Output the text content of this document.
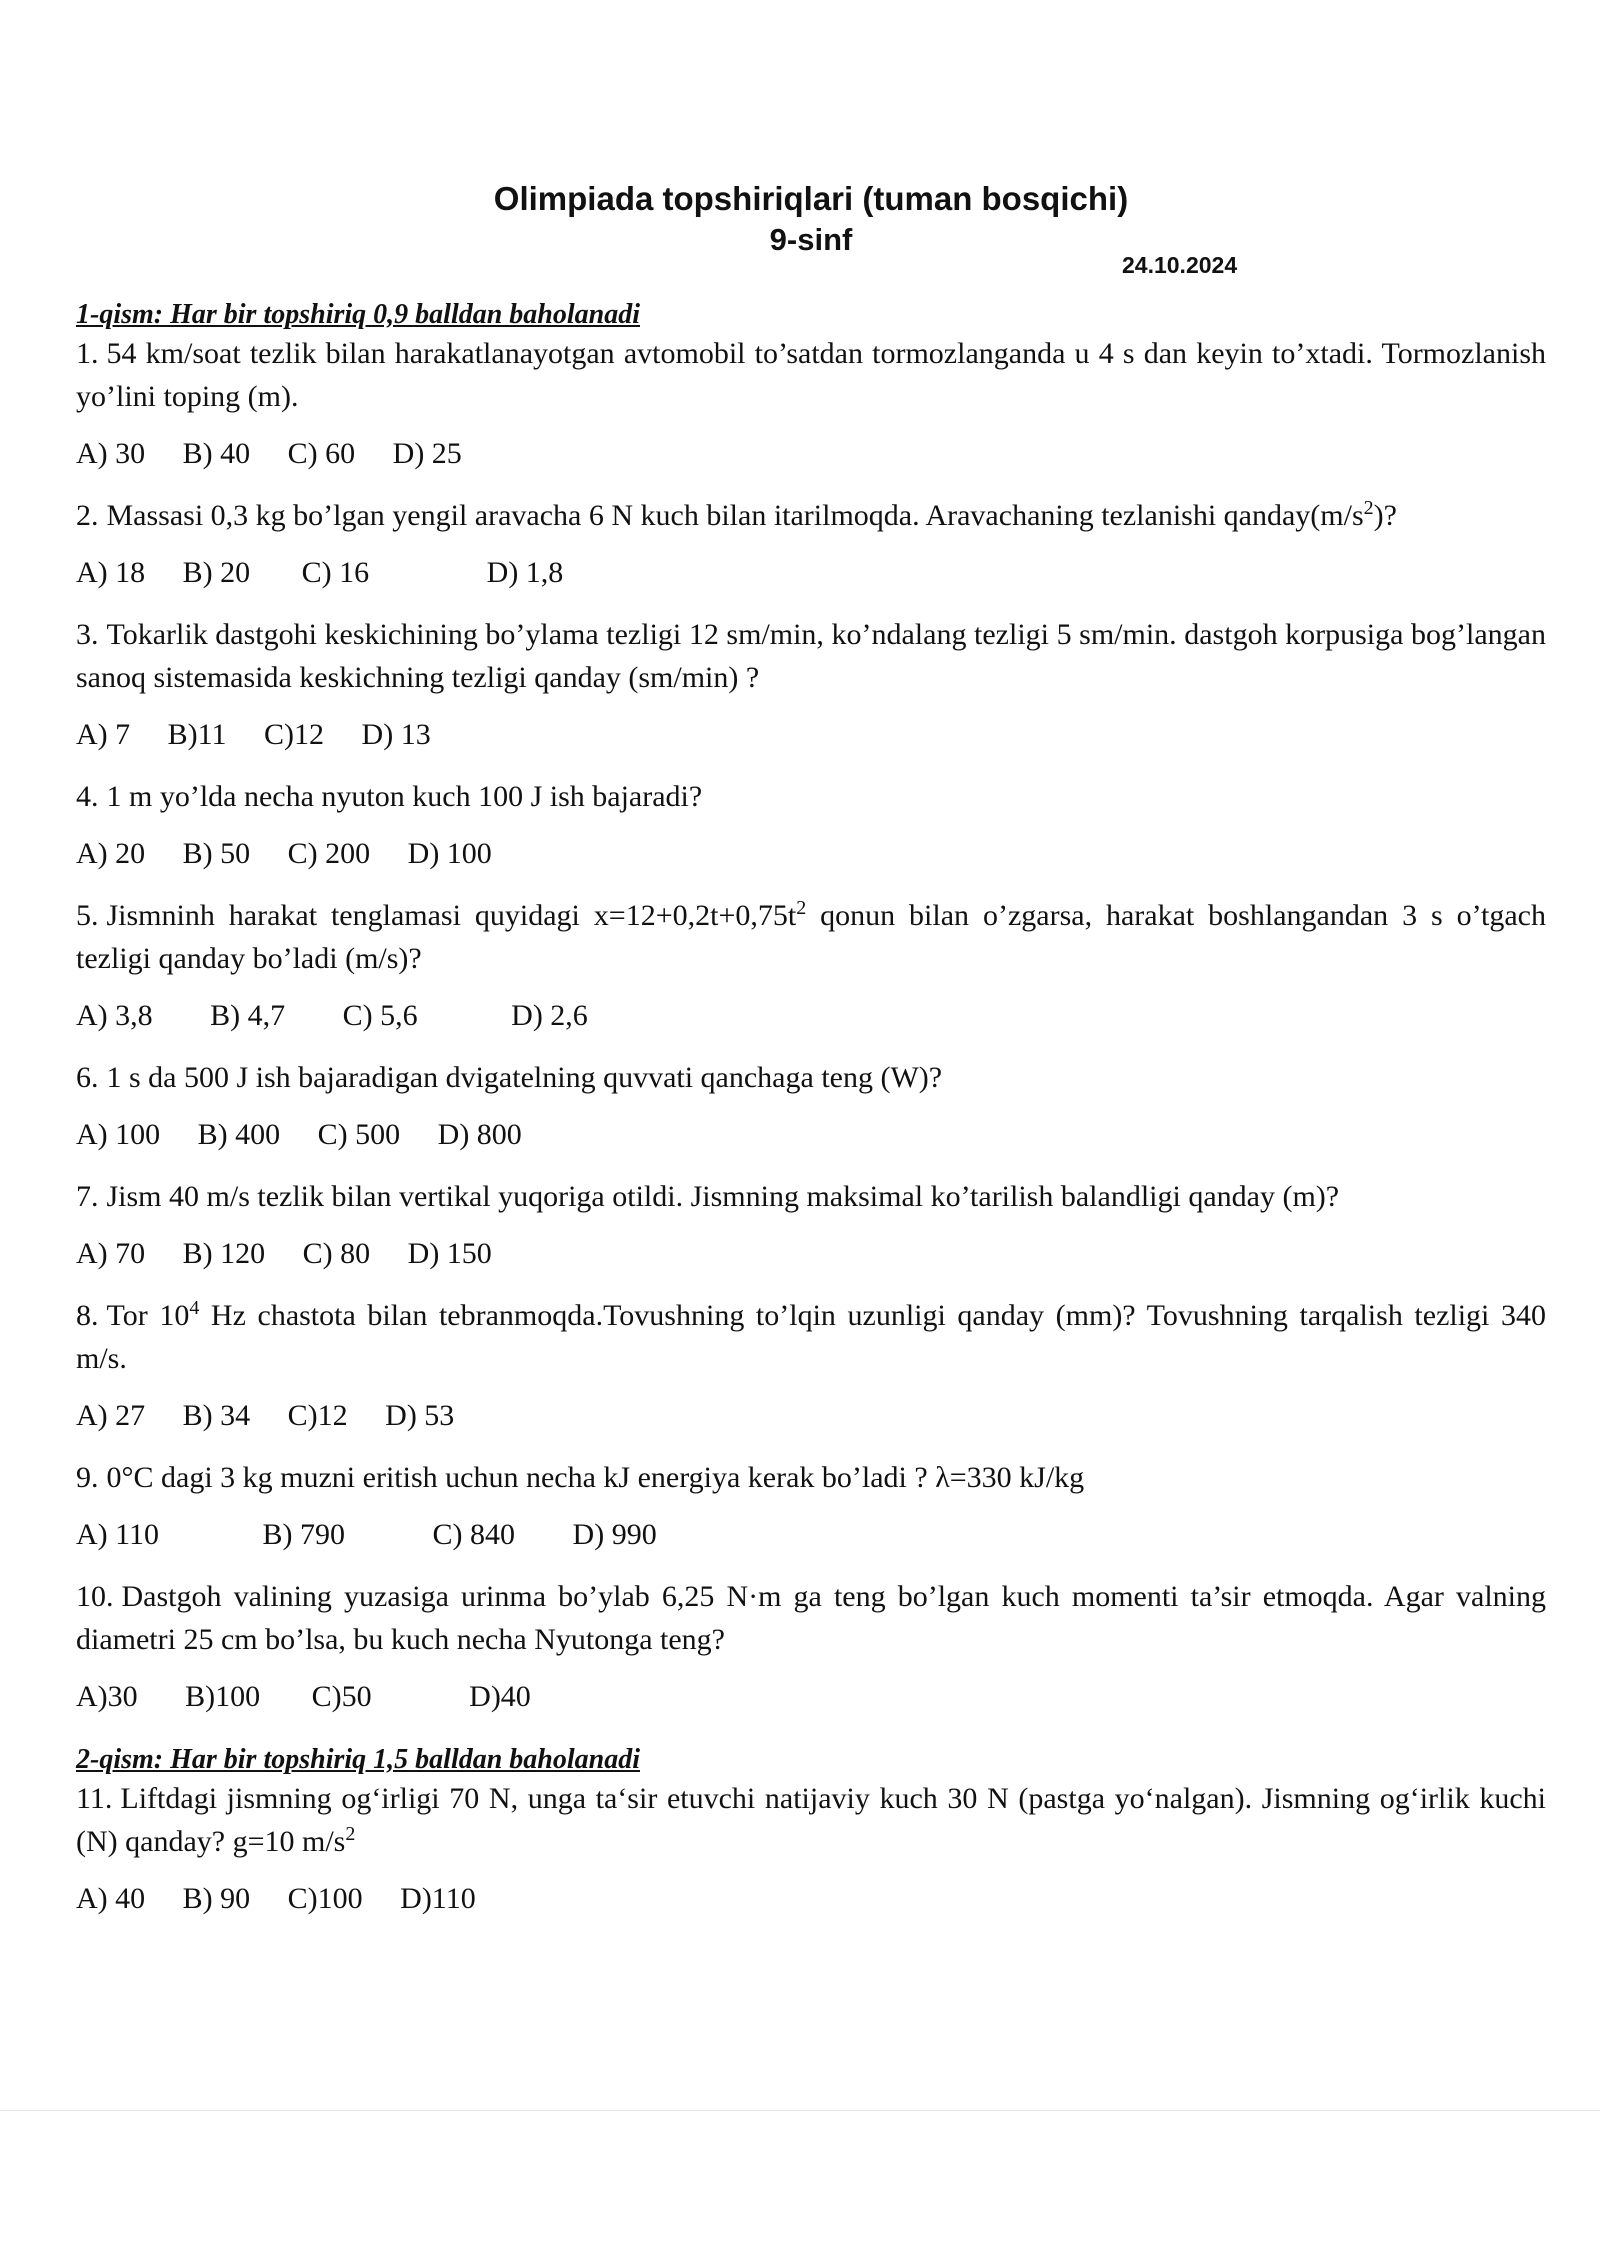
Olimpiada topshiriqlari (tuman bosqichi)
9-sinf
24.10.2024

1-qism: Har bir topshiriq 0,9 balldan baholanadi

1. 54 km/soat tezlik bilan harakatlanayotgan avtomobil to’satdan tormozlanganda u 4 s dan keyin to’xtadi. Tormozlanish yo’lini toping (m).

A) 30 B) 40 C) 60 D) 25

2. Massasi 0,3 kg bo’lgan yengil aravacha 6 N kuch bilan itarilmoqda. Aravachaning tezlanishi $qanday(m/s^2)$?

A) 18 B) 20 C) 16	D) 1,8

3. Tokarlik dastgohi keskichining bo’ylama tezligi 12 sm/min, ko’ndalang tezligi 5 sm/min. dastgoh korpusiga bog’langan sanoq sistemasida keskichning tezligi qanday (sm/min) ?

A) 7 B)11 C)12 D) 13

4. 1 m yo’lda necha nyuton kuch 100 J ish bajaradi?

A) 20 B) 50 C) 200 D) 100

5. Jismninh harakat tenglamasi quyidagi $x=12+0,2t+0,75t^2$ qonun bilan o’zgarsa, harakat boshlangandan 3 s o’tgach tezligi qanday bo’ladi (m/s)?

A) 3,8 B) 4,7 C) 5,6	D) 2,6

6. 1 s da 500 J ish bajaradigan dvigatelning quvvati qanchaga teng (W)?

A) 100 B) 400 C) 500 D) 800

7. Jism 40 m/s tezlik bilan vertikal yuqoriga otildi. Jismning maksimal ko’tarilish balandligi qanday (m)?

A) 70 B) 120 C) 80 D) 150

8. Tor $10^4$ Hz chastota bilan tebranmoqda.Tovushning to’lqin uzunligi qanday (mm)? Tovushning tarqalish tezligi 340 m/s.

A) 27 B) 34 C)12 D) 53

9. 0°C dagi 3 kg muzni eritish uchun necha kJ energiya kerak bo’ladi ? λ=330 kJ/kg

A) 110	B) 790	C) 840 D) 990

10. Dastgoh valining yuzasiga urinma bo’ylab 6,25 N·m ga teng bo’lgan kuch momenti ta’sir etmoqda. Agar valning diametri 25 cm bo’lsa, bu kuch necha Nyutonga teng?

A)30 B)100 C)50	D)40

2-qism: Har bir topshiriq 1,5 balldan baholanadi

11. Liftdagi jismning og‘irligi 70 N, unga ta‘sir etuvchi natijaviy kuch 30 N (pastga yo‘nalgan). Jismning og‘irlik kuchi (N) qanday? g=10 $m/s^2$

A) 40 B) 90 C)100 D)110
